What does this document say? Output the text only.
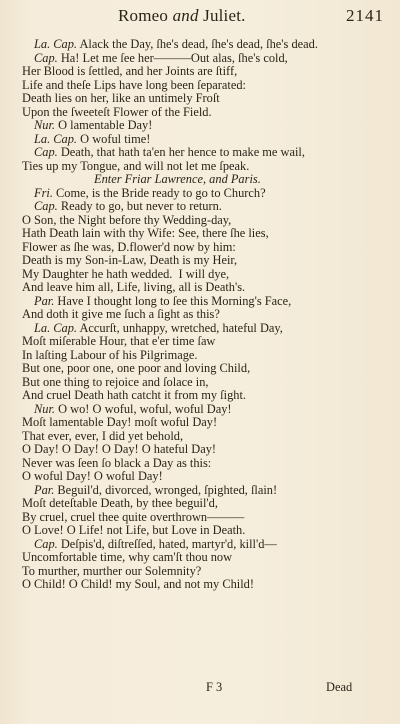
Romeo and Juliet.	2141
La. Cap. Alack the Day, ſhe's dead, ſhe's dead, ſhe's dead.
Cap. Ha! Let me ſee her———Out alas, ſhe's cold,
Her Blood is ſettled, and her Joints are ſtiff,
Life and theſe Lips have long been ſeparated:
Death lies on her, like an untimely Froſt
Upon the ſweeteſt Flower of the Field.
Nur. O lamentable Day!
La. Cap. O woful time!
Cap. Death, that hath ta'en her hence to make me wail,
Ties up my Tongue, and will not let me ſpeak.
Enter Friar Lawrence, and Paris.
Fri. Come, is the Bride ready to go to Church?
Cap. Ready to go, but never to return.
O Son, the Night before thy Wedding-day,
Hath Death lain with thy Wife: See, there ſhe lies,
Flower as ſhe was, D.flower'd now by him:
Death is my Son-in-Law, Death is my Heir,
My Daughter he hath wedded.  I will dye,
And leave him all, Life, living, all is Death's.
Par. Have I thought long to ſee this Morning's Face,
And doth it give me ſuch a ſight as this?
La. Cap. Accurſt, unhappy, wretched, hateful Day,
Moſt miſerable Hour, that e'er time ſaw
In laſting Labour of his Pilgrimage.
But one, poor one, one poor and loving Child,
But one thing to rejoice and ſolace in,
And cruel Death hath catcht it from my ſight.
Nur. O wo! O woful, woful, woful Day!
Moſt lamentable Day! moſt woful Day!
That ever, ever, I did yet behold,
O Day! O Day! O Day! O hateful Day!
Never was ſeen ſo black a Day as this:
O woful Day! O woful Day!
Par. Beguil'd, divorced, wronged, ſpighted, ſlain!
Moſt deteſtable Death, by thee beguil'd,
By cruel, cruel thee quite overthrown———
O Love! O Life! not Life, but Love in Death.
Cap. Deſpis'd, diſtreſſed, hated, martyr'd, kill'd—
Uncomfortable time, why cam'ſt thou now
To murther, murther our Solemnity?
O Child! O Child! my Soul, and not my Child!
F 3	Dead
